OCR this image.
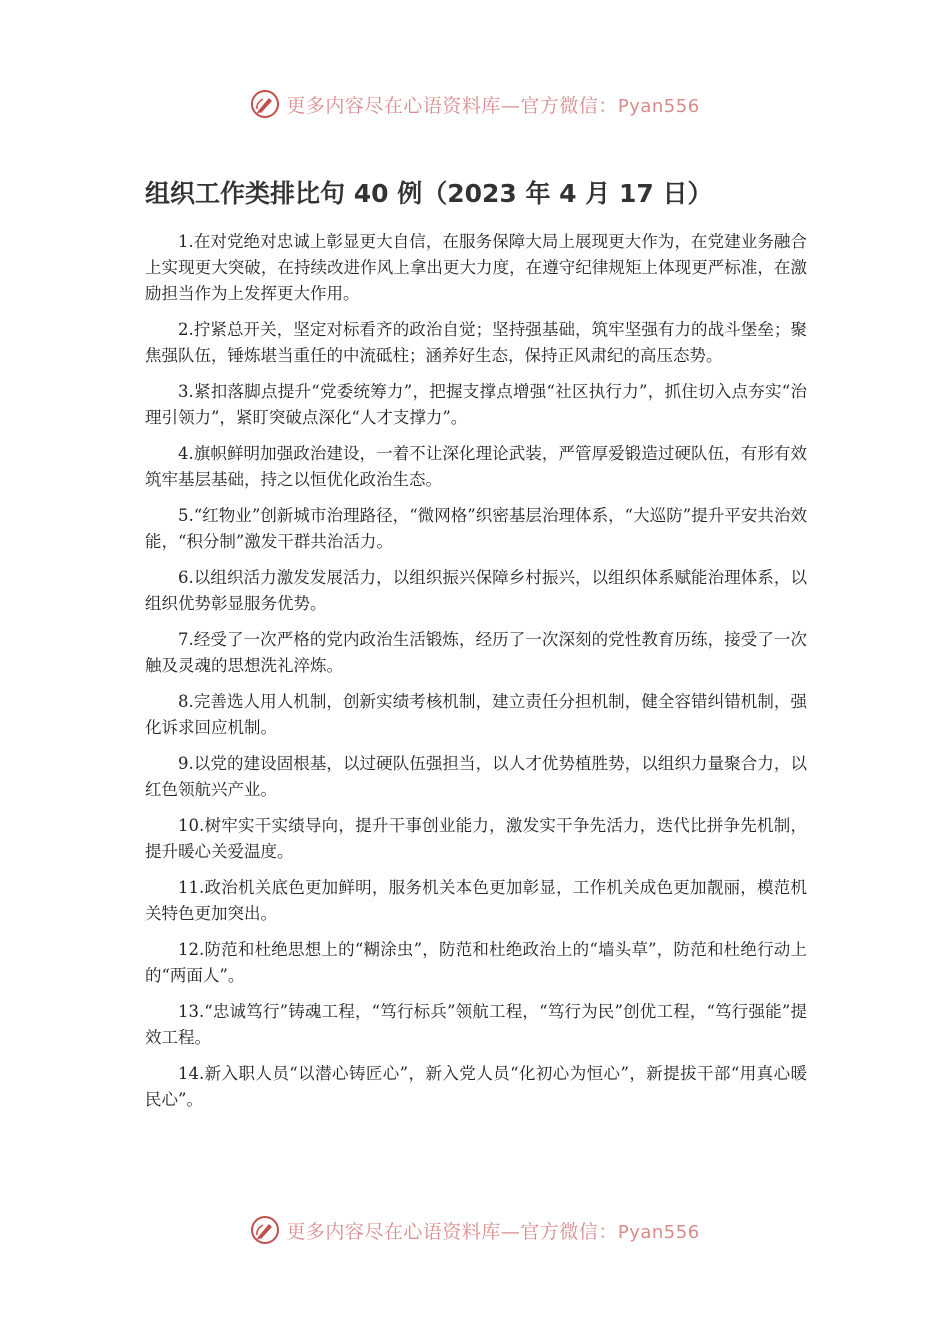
更多内容尽在心语资料库—官方微信：Pyan556
组织工作类排比句 40 例（2023 年 4 月 17 日）

1.在对党绝对忠诚上彰显更大自信，在服务保障大局上展现更大作为，在党建业务融合上实现更大突破，在持续改进作风上拿出更大力度，在遵守纪律规矩上体现更严标准，在激励担当作为上发挥更大作用。

2.拧紧总开关，坚定对标看齐的政治自觉；坚持强基础，筑牢坚强有力的战斗堡垒；聚焦强队伍，锤炼堪当重任的中流砥柱；涵养好生态，保持正风肃纪的高压态势。

3.紧扣落脚点提升“党委统筹力”，把握支撑点增强“社区执行力”，抓住切入点夯实“治理引领力”，紧盯突破点深化“人才支撑力”。

4.旗帜鲜明加强政治建设，一着不让深化理论武装，严管厚爱锻造过硬队伍，有形有效筑牢基层基础，持之以恒优化政治生态。

5.“红物业”创新城市治理路径，“微网格”织密基层治理体系，“大巡防”提升平安共治效能，“积分制”激发干群共治活力。

6.以组织活力激发发展活力，以组织振兴保障乡村振兴，以组织体系赋能治理体系，以组织优势彰显服务优势。

7.经受了一次严格的党内政治生活锻炼，经历了一次深刻的党性教育历练，接受了一次触及灵魂的思想洗礼淬炼。

8.完善选人用人机制，创新实绩考核机制，建立责任分担机制，健全容错纠错机制，强化诉求回应机制。

9.以党的建设固根基，以过硬队伍强担当，以人才优势植胜势，以组织力量聚合力，以红色领航兴产业。

10.树牢实干实绩导向，提升干事创业能力，激发实干争先活力，迭代比拼争先机制，提升暖心关爱温度。

11.政治机关底色更加鲜明，服务机关本色更加彰显，工作机关成色更加靓丽，模范机关特色更加突出。

12.防范和杜绝思想上的“糊涂虫”，防范和杜绝政治上的“墙头草”，防范和杜绝行动上的“两面人”。

13.“忠诚笃行”铸魂工程，“笃行标兵”领航工程，“笃行为民”创优工程，“笃行强能”提效工程。

14.新入职人员“以潜心铸匠心”，新入党人员“化初心为恒心”，新提拔干部“用真心暖民心”。

更多内容尽在心语资料库—官方微信：Pyan556
